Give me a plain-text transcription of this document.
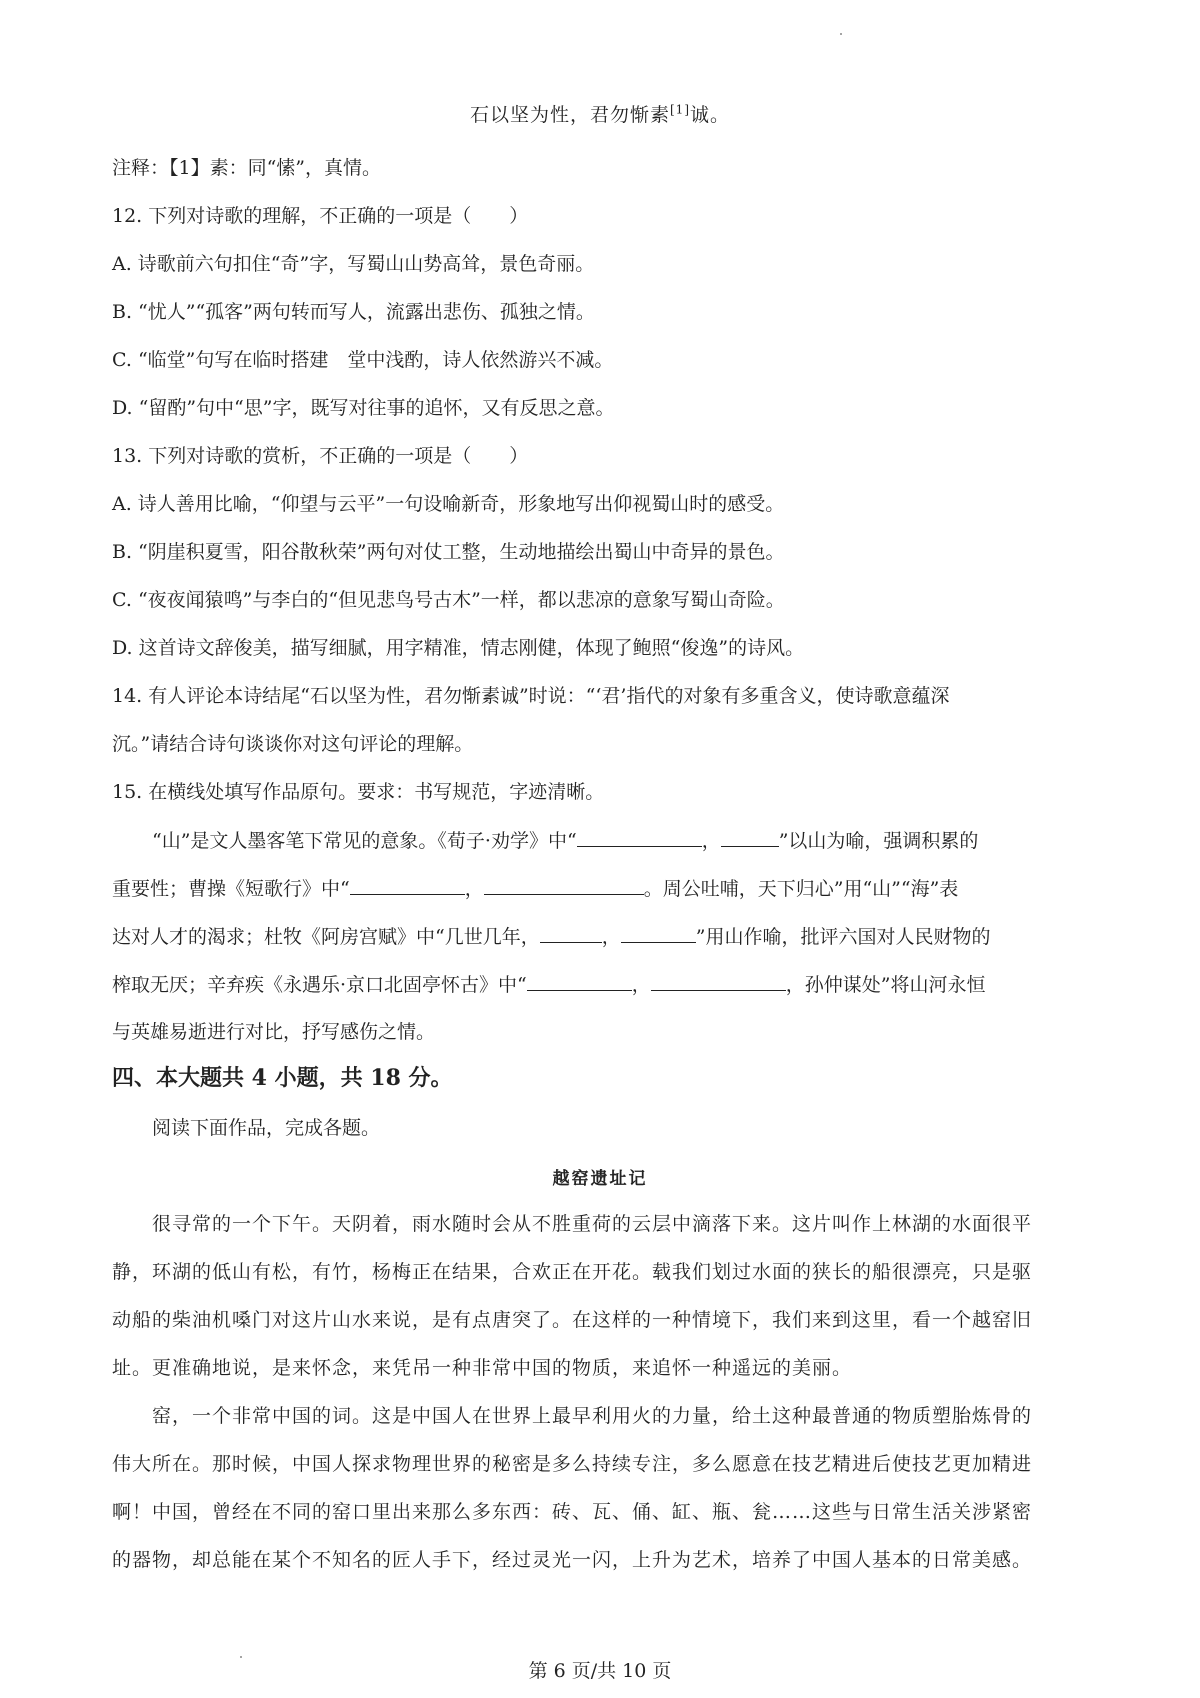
石以坚为性，君勿惭素[1]诚。
注释：【1】素：同“愫”，真情。
12. 下列对诗歌的理解，不正确的一项是（　　）
A. 诗歌前六句扣住“奇”字，写蜀山山势高耸，景色奇丽。
B. “忧人”“孤客”两句转而写人，流露出悲伤、孤独之情。
C. “临堂”句写在临时搭建　堂中浅酌，诗人依然游兴不减。
D. “留酌”句中“思”字，既写对往事的追怀，又有反思之意。
13. 下列对诗歌的赏析，不正确的一项是（　　）
A. 诗人善用比喻，“仰望与云平”一句设喻新奇，形象地写出仰视蜀山时的感受。
B. “阴崖积夏雪，阳谷散秋荣”两句对仗工整，生动地描绘出蜀山中奇异的景色。
C. “夜夜闻猿鸣”与李白的“但见悲鸟号古木”一样，都以悲凉的意象写蜀山奇险。
D. 这首诗文辞俊美，描写细腻，用字精准，情志刚健，体现了鲍照“俊逸”的诗风。
14. 有人评论本诗结尾“石以坚为性，君勿惭素诚”时说：“‘君’指代的对象有多重含义，使诗歌意蕴深
沉。”请结合诗句谈谈你对这句评论的理解。
15. 在横线处填写作品原句。要求：书写规范，字迹清晰。
“山”是文人墨客笔下常见的意象。《荀子·劝学》中“	，	”以山为喻，强调积累的
重要性；曹操《短歌行》中“	，	。周公吐哺，天下归心”用“山”“海”表
达对人才的渴求；杜牧《阿房宫赋》中“几世几年，	，	”用山作喻，批评六国对人民财物的
榨取无厌；辛弃疾《永遇乐·京口北固亭怀古》中“	，	，孙仲谋处”将山河永恒
与英雄易逝进行对比，抒写感伤之情。
四、本大题共 4 小题，共 18 分。
阅读下面作品，完成各题。
越窑遗址记
很寻常的一个下午。天阴着，雨水随时会从不胜重荷的云层中滴落下来。这片叫作上林湖的水面很平
静，环湖的低山有松，有竹，杨梅正在结果，合欢正在开花。载我们划过水面的狭长的船很漂亮，只是驱
动船的柴油机嗓门对这片山水来说，是有点唐突了。在这样的一种情境下，我们来到这里，看一个越窑旧
址。更准确地说，是来怀念，来凭吊一种非常中国的物质，来追怀一种遥远的美丽。
窑，一个非常中国的词。这是中国人在世界上最早利用火的力量，给土这种最普通的物质塑胎炼骨的
伟大所在。那时候，中国人探求物理世界的秘密是多么持续专注，多么愿意在技艺精进后使技艺更加精进
啊！中国，曾经在不同的窑口里出来那么多东西：砖、瓦、俑、缸、瓶、瓮……这些与日常生活关涉紧密
的器物，却总能在某个不知名的匠人手下，经过灵光一闪，上升为艺术，培养了中国人基本的日常美感。
第 6 页/共 10 页
